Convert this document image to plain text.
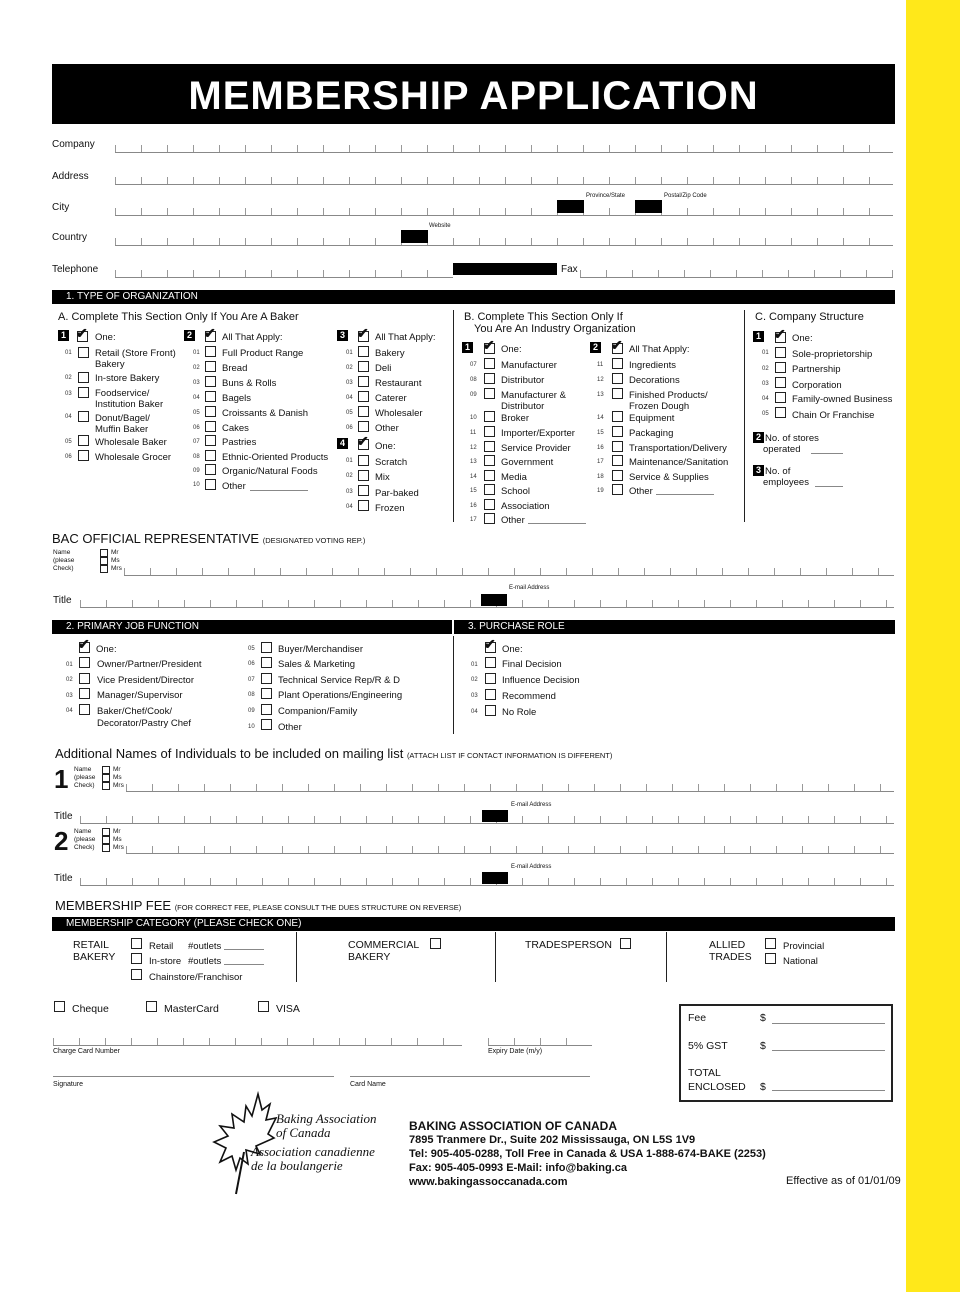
MEMBERSHIP APPLICATION
Company
Address
Province/State	Postal/Zip Code
City
Website
Country
Telephone	Fax
1. TYPE OF ORGANIZATION
A. Complete This Section Only If You Are A Baker	B. Complete This Section Only If
You Are An Industry Organization
C. Company Structure
1 ✔ One:
01 Retail (Store Front)
Bakery
02 In-store Bakery
03 Foodservice/
Institution Baker
04 Donut/Bagel/
Muffin Baker
05 Wholesale Baker
06 Wholesale Grocer
2 ✔ All That Apply:
01 Full Product Range
02 Bread
03 Buns & Rolls
04 Bagels
05 Croissants & Danish
06 Cakes
07 Pastries
08 Ethnic-Oriented Products
09 Organic/Natural Foods
10 Other
3 ✔ All That Apply:
01 Bakery
02 Deli
03 Restaurant
04 Caterer
05 Wholesaler
06 Other
4 ✔ One:
01 Scratch
02 Mix
03 Par-baked
04 Frozen
1 ✔ One:
07	Manufacturer
08	Distributor
09	Manufacturer &
Distributor
10	Broker
11	Importer/Exporter
12	Service Provider
13	Government
14	Media
15	School
16	Association
17	Other
2 ✔ All That Apply:
11	Ingredients
12	Decorations
13	Finished Products/
Frozen Dough
14	Equipment
15	Packaging
16	Transportation/Delivery
17	Maintenance/Sanitation
18	Service & Supplies
19	Other
1 ✔ One:
01 Sole-proprietorship
02 Partnership
03 Corporation
04 Family-owned Business
05 Chain Or Franchise
2 No. of stores
operated
3 No. of
employees
BAC OFFICIAL REPRESENTATIVE (DESIGNATED VOTING REP.)
Name
(please
Check)
Mr
Ms
Mrs
E-mail Address
Title
2. PRIMARY JOB FUNCTION	3. PURCHASE ROLE
✔ One:
01	Owner/Partner/President
02	Vice President/Director
03	Manager/Supervisor
04	Baker/Chef/Cook/
Decorator/Pastry Chef
05 Buyer/Merchandiser
06 Sales & Marketing
07 Technical Service Rep/R & D
08 Plant Operations/Engineering
09 Companion/Family
10 Other
✔ One:
01	Final Decision
02	Influence Decision
03	Recommend
04	No Role
Additional Names of Individuals to be included on mailing list (ATTACH LIST IF CONTACT INFORMATION IS DIFFERENT)
1 Name
(please
Check)
Mr
Ms
Mrs
E-mail Address
Title
2 Name
(please
Check)
Mr
Ms
Mrs
E-mail Address
Title
MEMBERSHIP FEE (FOR CORRECT FEE, PLEASE CONSULT THE DUES STRUCTURE ON REVERSE)
MEMBERSHIP CATEGORY (PLEASE CHECK ONE)
RETAIL
BAKERY
Retail #outlets
In-store #outlets
Chainstore/Franchisor
COMMERCIAL
BAKERY
TRADESPERSON	ALLIED
TRADES
Provincial
National
Cheque	MasterCard	VISA
Charge Card Number	Expiry Date (m/y)
Signature	Card Name
Fee	$
5% GST	$
TOTAL
ENCLOSED $
Baking Association
of Canada
Association canadienne
de la boulangerie
BAKING ASSOCIATION OF CANADA
7895 Tranmere Dr., Suite 202 Mississauga, ON L5S 1V9
Tel: 905-405-0288, Toll Free in Canada & USA 1-888-674-BAKE (2253)
Fax: 905-405-0993 E-Mail: info@baking.ca
www.bakingassoccanada.com	Effective as of 01/01/09
